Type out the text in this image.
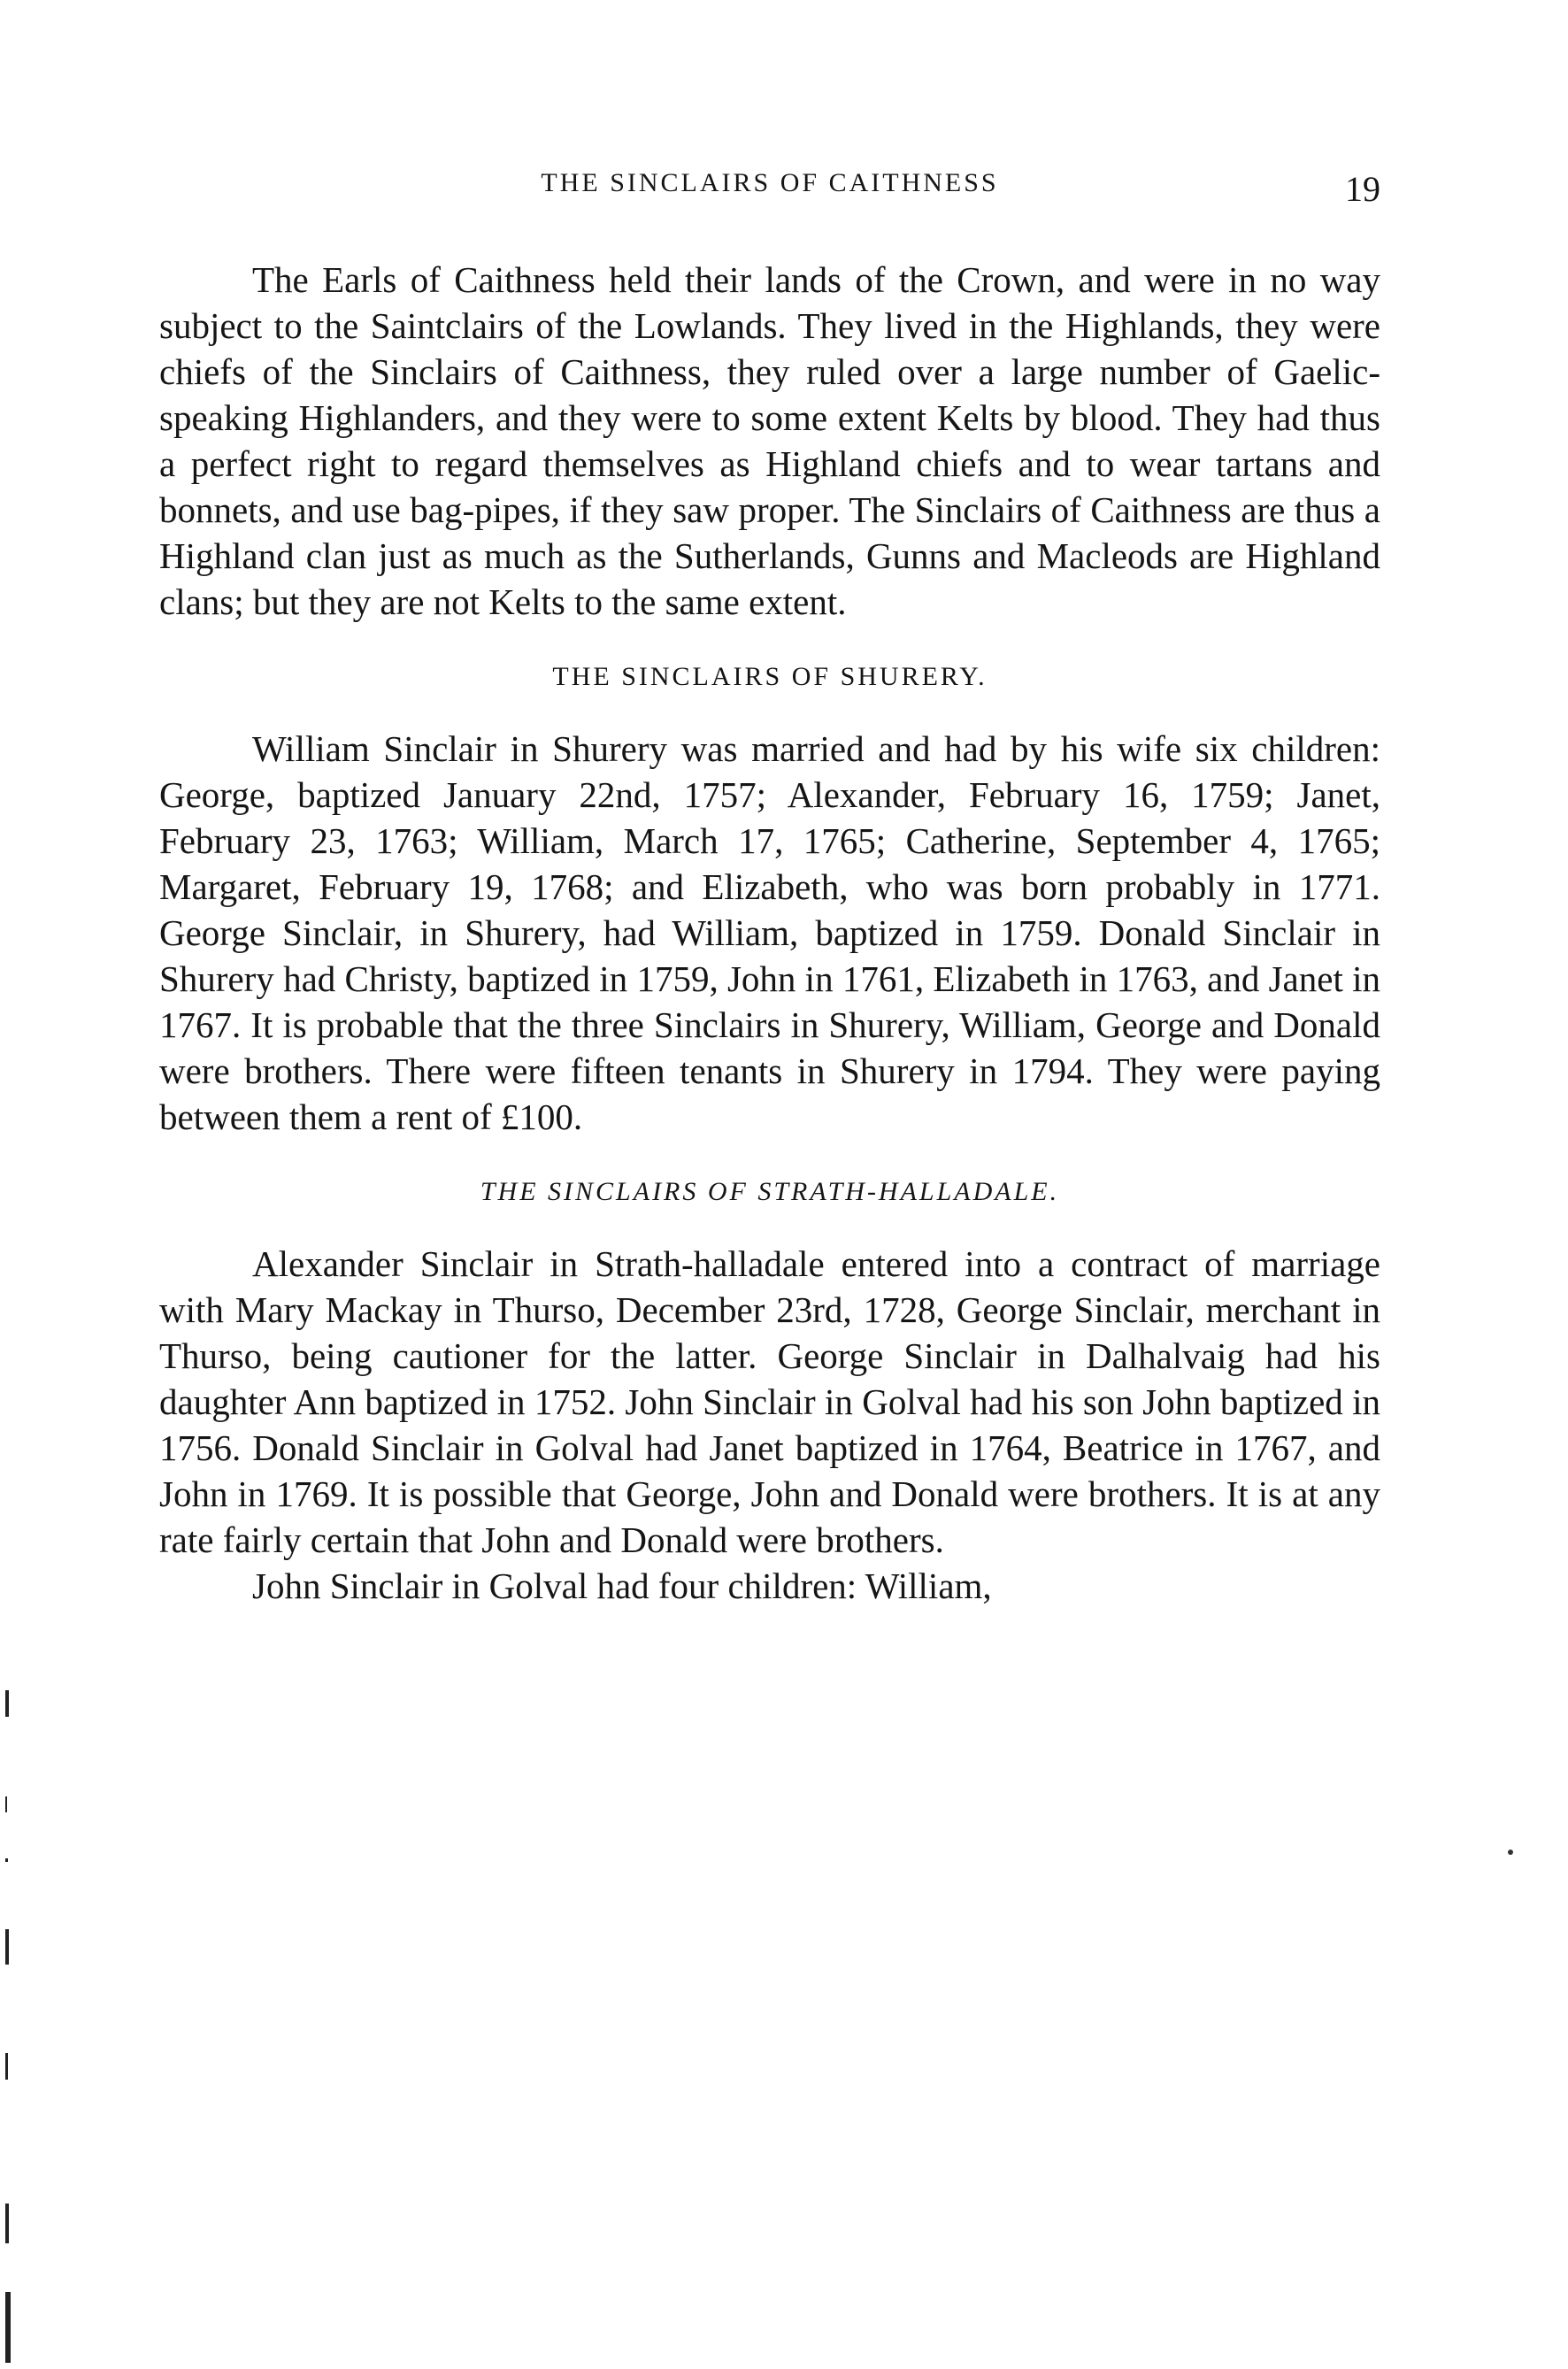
THE SINCLAIRS OF CAITHNESS	19

The Earls of Caithness held their lands of the Crown, and were in no way subject to the Saintclairs of the Lowlands. They lived in the Highlands, they were chiefs of the Sinclairs of Caithness, they ruled over a large number of Gaelic-speaking Highlanders, and they were to some extent Kelts by blood. They had thus a perfect right to regard themselves as Highland chiefs and to wear tartans and bonnets, and use bag-pipes, if they saw proper. The Sinclairs of Caithness are thus a Highland clan just as much as the Sutherlands, Gunns and Macleods are Highland clans; but they are not Kelts to the same extent.

THE SINCLAIRS OF SHURERY.

William Sinclair in Shurery was married and had by his wife six children: George, baptized January 22nd, 1757; Alexander, February 16, 1759; Janet, February 23, 1763; William, March 17, 1765; Catherine, September 4, 1765; Margaret, February 19, 1768; and Elizabeth, who was born probably in 1771. George Sinclair, in Shurery, had William, baptized in 1759. Donald Sinclair in Shurery had Christy, baptized in 1759, John in 1761, Elizabeth in 1763, and Janet in 1767. It is probable that the three Sinclairs in Shurery, William, George and Donald were brothers. There were fifteen tenants in Shurery in 1794. They were paying between them a rent of £100.

THE SINCLAIRS OF STRATH-HALLADALE.

Alexander Sinclair in Strath-halladale entered into a contract of marriage with Mary Mackay in Thurso, December 23rd, 1728, George Sinclair, merchant in Thurso, being cautioner for the latter. George Sinclair in Dalhalvaig had his daughter Ann baptized in 1752. John Sinclair in Golval had his son John baptized in 1756. Donald Sinclair in Golval had Janet baptized in 1764, Beatrice in 1767, and John in 1769. It is possible that George, John and Donald were brothers. It is at any rate fairly certain that John and Donald were brothers.

John Sinclair in Golval had four children: William,
